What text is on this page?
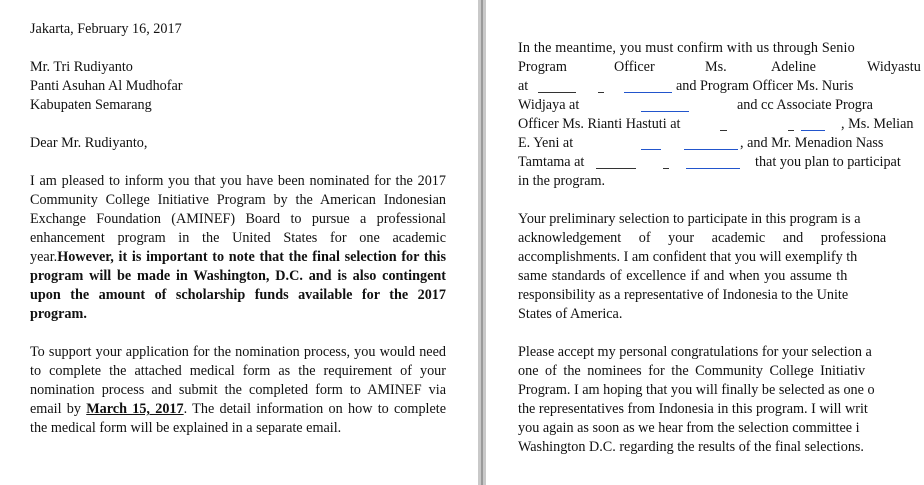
Jakarta, February 16, 2017
Mr. Tri Rudiyanto
Panti Asuhan Al Mudhofar
Kabupaten Semarang
Dear Mr. Rudiyanto,
I am pleased to inform you that you have been nominated for the 2017 Community College Initiative Program by the American Indonesian Exchange Foundation (AMINEF) Board to pursue a professional enhancement program in the United States for one academic year.However, it is important to note that the final selection for this program will be made in Washington, D.C. and is also contingent upon the amount of scholarship funds available for the 2017 program.
To support your application for the nomination process, you would need to complete the attached medical form as the requirement of your nomination process and submit the completed form to AMINEF via email by March 15, 2017. The detail information on how to complete the medical form will be explained in a separate email.
In the meantime, you must confirm with us through Senio
Program	Officer	Ms.	Adeline	Widyastu
at	and Program Officer Ms. Nuris
Widjaya at	and cc Associate Progra
Officer Ms. Rianti Hastuti at	, Ms. Melian
E. Yeni at	, and Mr. Menadion Nass
Tamtama at	that you plan to participat
in the program.
Your preliminary selection to participate in this program is a
acknowledgement of your academic and professiona
accomplishments. I am confident that you will exemplify th
same standards of excellence if and when you assume th
responsibility as a representative of Indonesia to the Unite
States of America.
Please accept my personal congratulations for your selection a
one of the nominees for the Community College Initiativ
Program. I am hoping that you will finally be selected as one o
the representatives from Indonesia in this program. I will writ
you again as soon as we hear from the selection committee i
Washington D.C. regarding the results of the final selections.
